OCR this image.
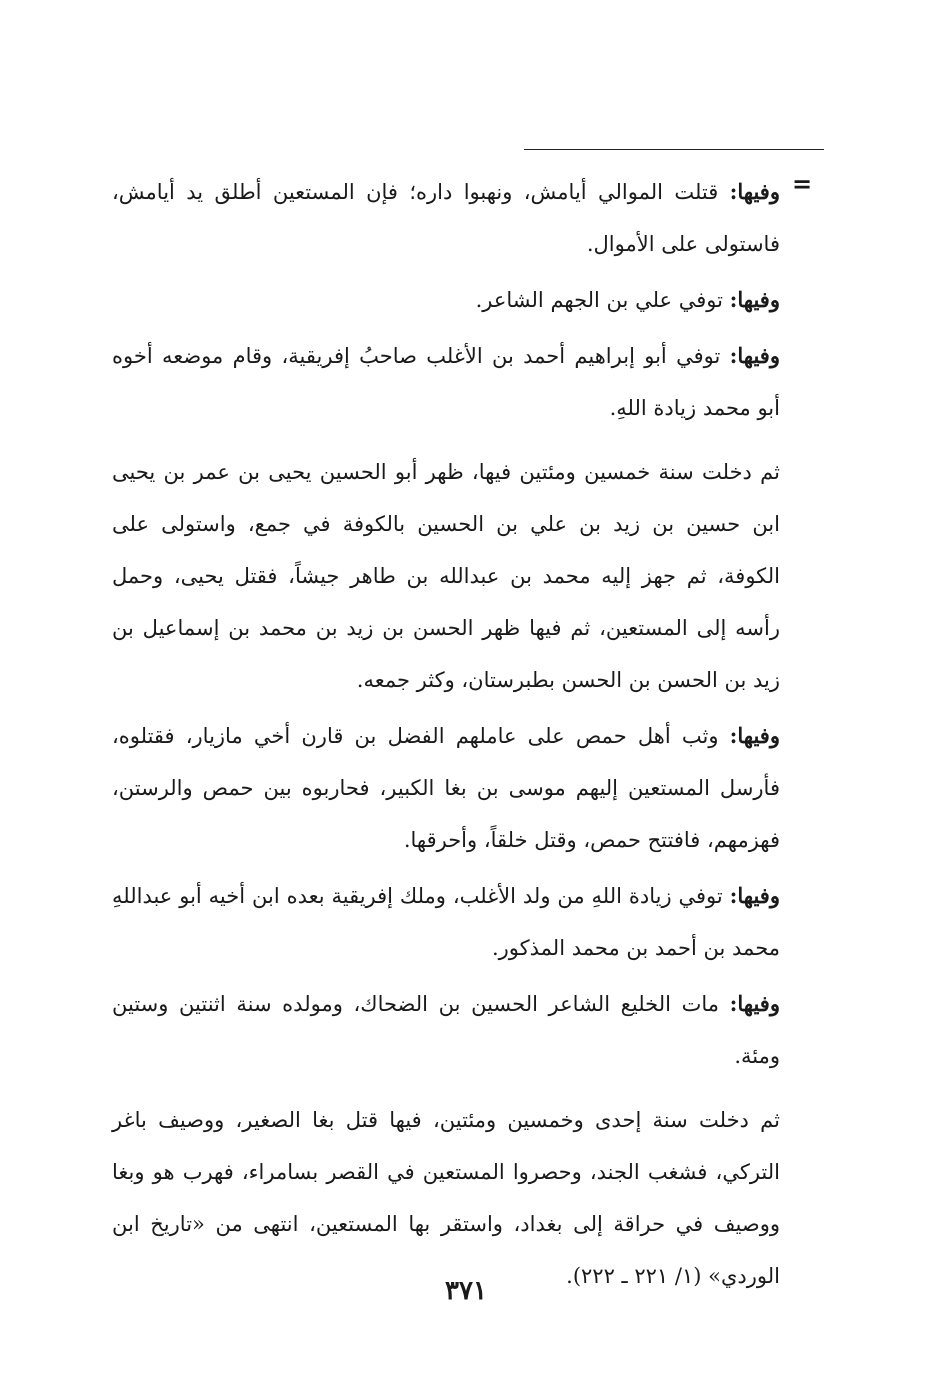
=

وفيها: قتلت الموالي أيامش، ونهبوا داره؛ فإن المستعين أطلق يد أيامش، فاستولى على الأموال.

وفيها: توفي علي بن الجهم الشاعر.

وفيها: توفي أبو إبراهيم أحمد بن الأغلب صاحبُ إفريقية، وقام موضعه أخوه أبو محمد زيادة اللهِ.

ثم دخلت سنة خمسين ومئتين فيها، ظهر أبو الحسين يحيى بن عمر بن يحيى ابن حسين بن زيد بن علي بن الحسين بالكوفة في جمع، واستولى على الكوفة، ثم جهز إليه محمد بن عبدالله بن طاهر جيشاً، فقتل يحيى، وحمل رأسه إلى المستعين، ثم فيها ظهر الحسن بن زيد بن محمد بن إسماعيل بن زيد بن الحسن بن الحسن بطبرستان، وكثر جمعه.

وفيها: وثب أهل حمص على عاملهم الفضل بن قارن أخي مازيار، فقتلوه، فأرسل المستعين إليهم موسى بن بغا الكبير، فحاربوه بين حمص والرستن، فهزمهم، فافتتح حمص، وقتل خلقاً، وأحرقها.

وفيها: توفي زيادة اللهِ من ولد الأغلب، وملك إفريقية بعده ابن أخيه أبو عبداللهِ محمد بن أحمد بن محمد المذكور.

وفيها: مات الخليع الشاعر الحسين بن الضحاك، ومولده سنة اثنتين وستين ومئة.

ثم دخلت سنة إحدى وخمسين ومئتين، فيها قتل بغا الصغير، ووصيف باغر التركي، فشغب الجند، وحصروا المستعين في القصر بسامراء، فهرب هو وبغا ووصيف في حراقة إلى بغداد، واستقر بها المستعين، انتهى من «تاريخ ابن الوردي» (١/ ٢٢١ ـ ٢٢٢).

٣٧١
